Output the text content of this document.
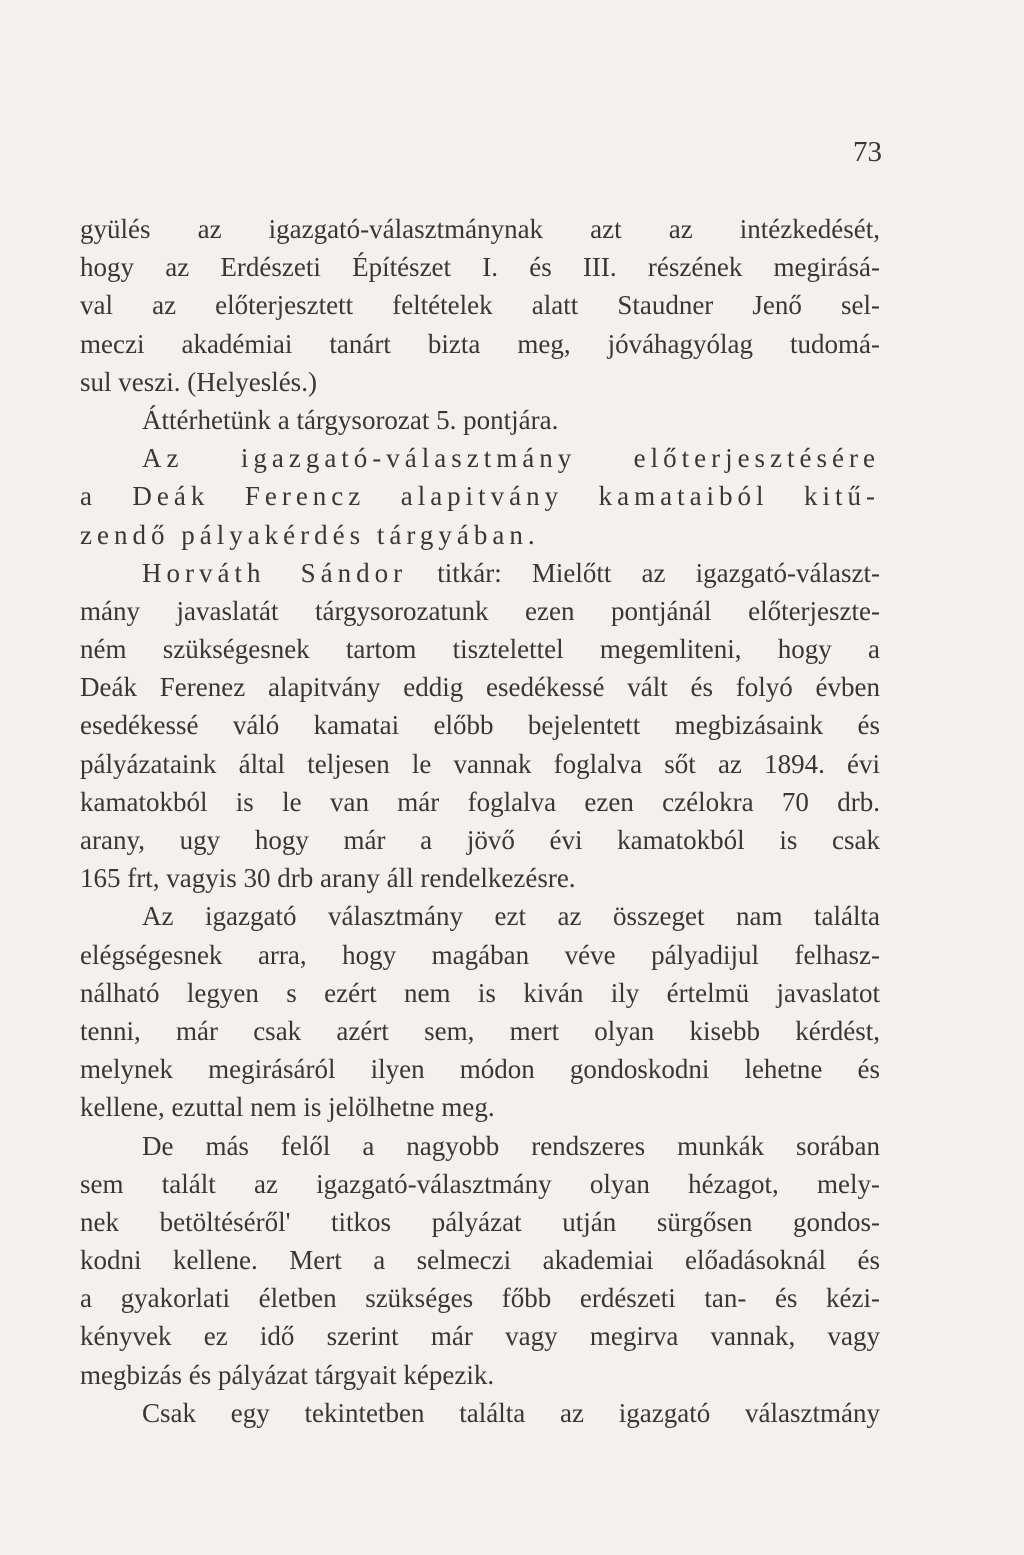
73
gyülés az igazgató-választmánynak azt az intézkedését,
hogy az Erdészeti Építészet I. és III. részének megirásá-
val az előterjesztett feltételek alatt Staudner Jenő sel-
meczi akadémiai tanárt bizta meg, jóváhagyólag tudomá-
sul veszi. (Helyeslés.)
Áttérhetünk a tárgysorozat 5. pontjára.
Az igazgató-választmány előterjesztésére
a Deák Ferencz alapitvány kamataiból kitű-
zendő pályakérdés tárgyában.
Horváth Sándor titkár: Mielőtt az igazgató-választ-
mány javaslatát tárgysorozatunk ezen pontjánál előterjeszte-
ném szükségesnek tartom tisztelettel megemliteni, hogy a
Deák Ferenez alapitvány eddig esedékessé vált és folyó évben
esedékessé váló kamatai előbb bejelentett megbizásaink és
pályázataink által teljesen le vannak foglalva sőt az 1894. évi
kamatokból is le van már foglalva ezen czélokra 70 drb.
arany, ugy hogy már a jövő évi kamatokból is csak
165 frt, vagyis 30 drb arany áll rendelkezésre.
Az igazgató választmány ezt az összeget nam találta
elégségesnek arra, hogy magában véve pályadijul felhasz-
nálható legyen s ezért nem is kiván ily értelmü javaslatot
tenni, már csak azért sem, mert olyan kisebb kérdést,
melynek megirásáról ilyen módon gondoskodni lehetne és
kellene, ezuttal nem is jelölhetne meg.
De más felől a nagyobb rendszeres munkák sorában
sem talált az igazgató-választmány olyan hézagot, mely-
nek betöltéséről' titkos pályázat utján sürgősen gondos-
kodni kellene. Mert a selmeczi akademiai előadásoknál és
a gyakorlati életben szükséges főbb erdészeti tan- és kézi-
kényvek ez idő szerint már vagy megirva vannak, vagy
megbizás és pályázat tárgyait képezik.
Csak egy tekintetben találta az igazgató választmány
